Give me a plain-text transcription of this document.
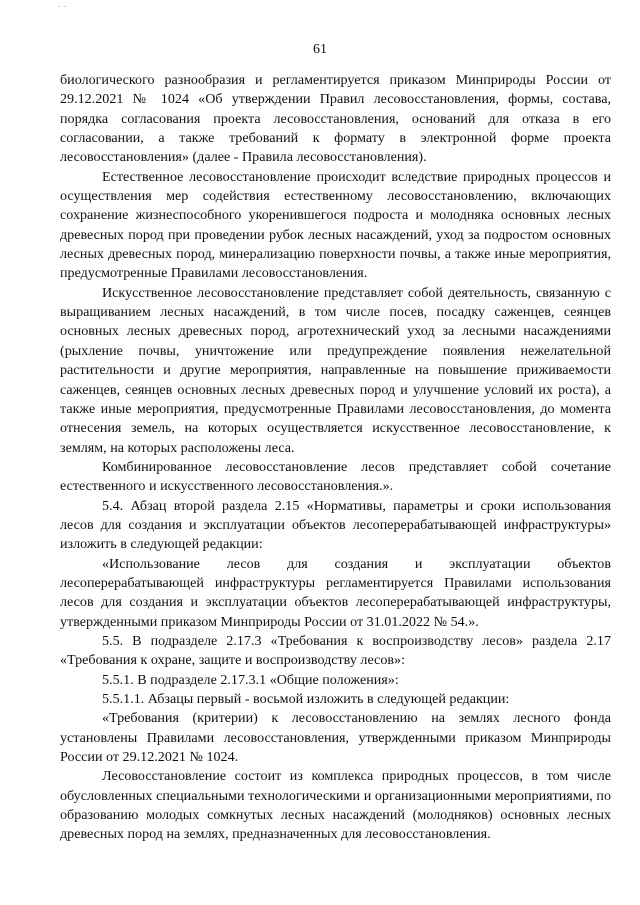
- -
61

биологического разнообразия и регламентируется приказом Минприроды России от 29.12.2021 № 1024 «Об утверждении Правил лесовосстановления, формы, состава, порядка согласования проекта лесовосстановления, оснований для отказа в его согласовании, а также требований к формату в электронной форме проекта лесовосстановления» (далее - Правила лесовосстановления).

Естественное лесовосстановление происходит вследствие природных процессов и осуществления мер содействия естественному лесовосстановлению, включающих сохранение жизнеспособного укоренившегося подроста и молодняка основных лесных древесных пород при проведении рубок лесных насаждений, уход за подростом основных лесных древесных пород, минерализацию поверхности почвы, а также иные мероприятия, предусмотренные Правилами лесовосстановления.

Искусственное лесовосстановление представляет собой деятельность, связанную с выращиванием лесных насаждений, в том числе посев, посадку саженцев, сеянцев основных лесных древесных пород, агротехнический уход за лесными насаждениями (рыхление почвы, уничтожение или предупреждение появления нежелательной растительности и другие мероприятия, направленные на повышение приживаемости саженцев, сеянцев основных лесных древесных пород и улучшение условий их роста), а также иные мероприятия, предусмотренные Правилами лесовосстановления, до момента отнесения земель, на которых осуществляется искусственное лесовосстановление, к землям, на которых расположены леса.

Комбинированное лесовосстановление лесов представляет собой сочетание естественного и искусственного лесовосстановления.».

5.4. Абзац второй раздела 2.15 «Нормативы, параметры и сроки использования лесов для создания и эксплуатации объектов лесоперерабатывающей инфраструктуры» изложить в следующей редакции:

«Использование лесов для создания и эксплуатации объектов лесоперерабатывающей инфраструктуры регламентируется Правилами использования лесов для создания и эксплуатации объектов лесоперерабатывающей инфраструктуры, утвержденными приказом Минприроды России от 31.01.2022 № 54.».

5.5. В подразделе 2.17.3 «Требования к воспроизводству лесов» раздела 2.17 «Требования к охране, защите и воспроизводству лесов»:

5.5.1. В подразделе 2.17.3.1 «Общие положения»:

5.5.1.1. Абзацы первый - восьмой изложить в следующей редакции:

«Требования (критерии) к лесовосстановлению на землях лесного фонда установлены Правилами лесовосстановления, утвержденными приказом Минприроды России от 29.12.2021 № 1024.

Лесовосстановление состоит из комплекса природных процессов, в том числе обусловленных специальными технологическими и организационными мероприятиями, по образованию молодых сомкнутых лесных насаждений (молодняков) основных лесных древесных пород на землях, предназначенных для лесовосстановления.
